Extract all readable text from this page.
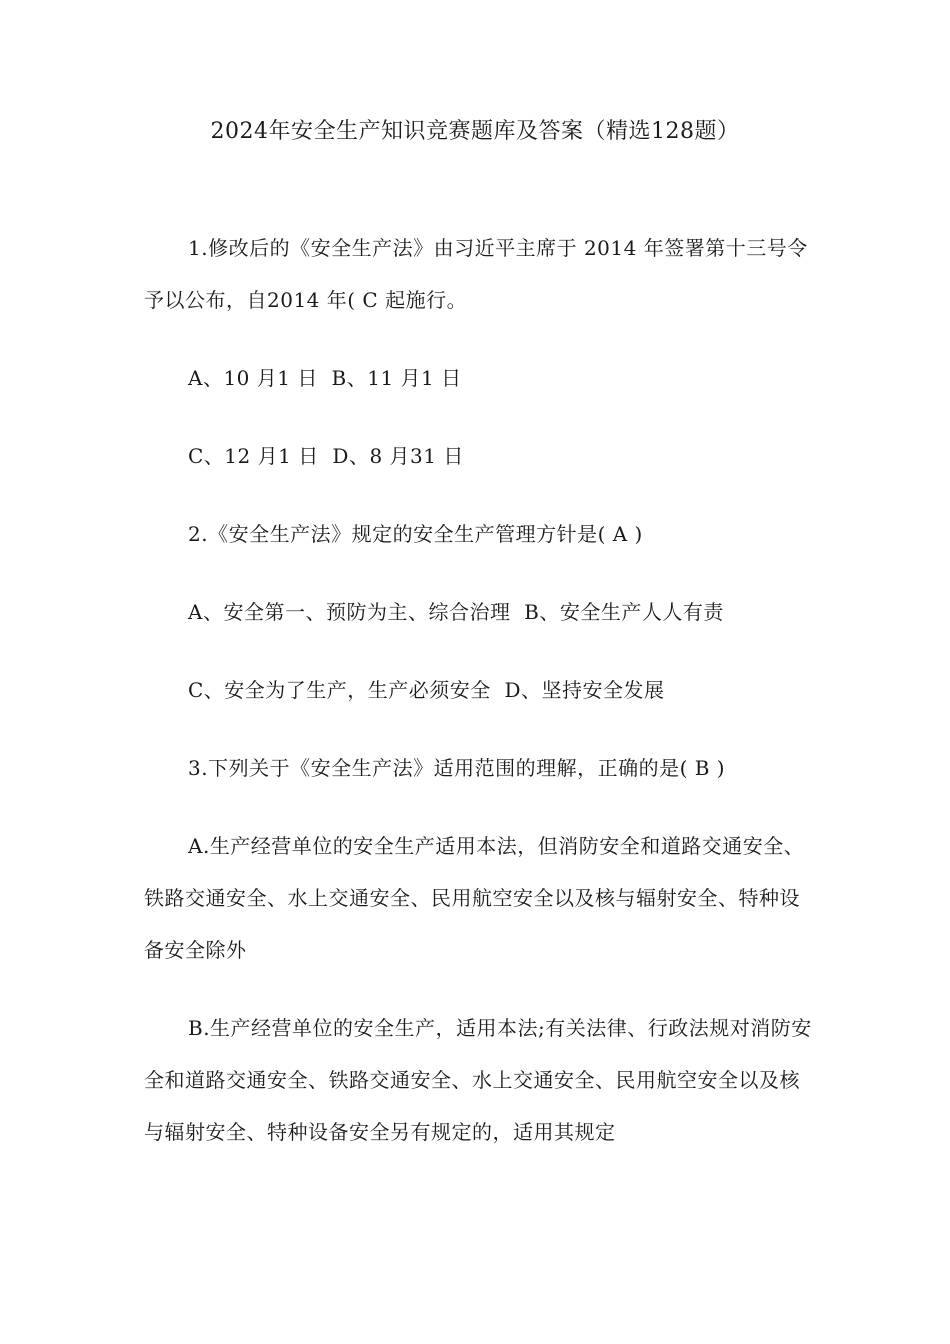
2024年安全生产知识竞赛题库及答案（精选128题）

1.修改后的《安全生产法》由习近平主席于 2014 年签署第十三号令予以公布，自2014 年( C 起施行。

A、10 月1 日  B、11 月1 日

C、12 月1 日  D、8 月31 日

2.《安全生产法》规定的安全生产管理方针是( A )

A、安全第一、预防为主、综合治理  B、安全生产人人有责

C、安全为了生产，生产必须安全  D、坚持安全发展

3.下列关于《安全生产法》适用范围的理解，正确的是( B )

A.生产经营单位的安全生产适用本法，但消防安全和道路交通安全、铁路交通安全、水上交通安全、民用航空安全以及核与辐射安全、特种设备安全除外

B.生产经营单位的安全生产，适用本法;有关法律、行政法规对消防安全和道路交通安全、铁路交通安全、水上交通安全、民用航空安全以及核与辐射安全、特种设备安全另有规定的，适用其规定
